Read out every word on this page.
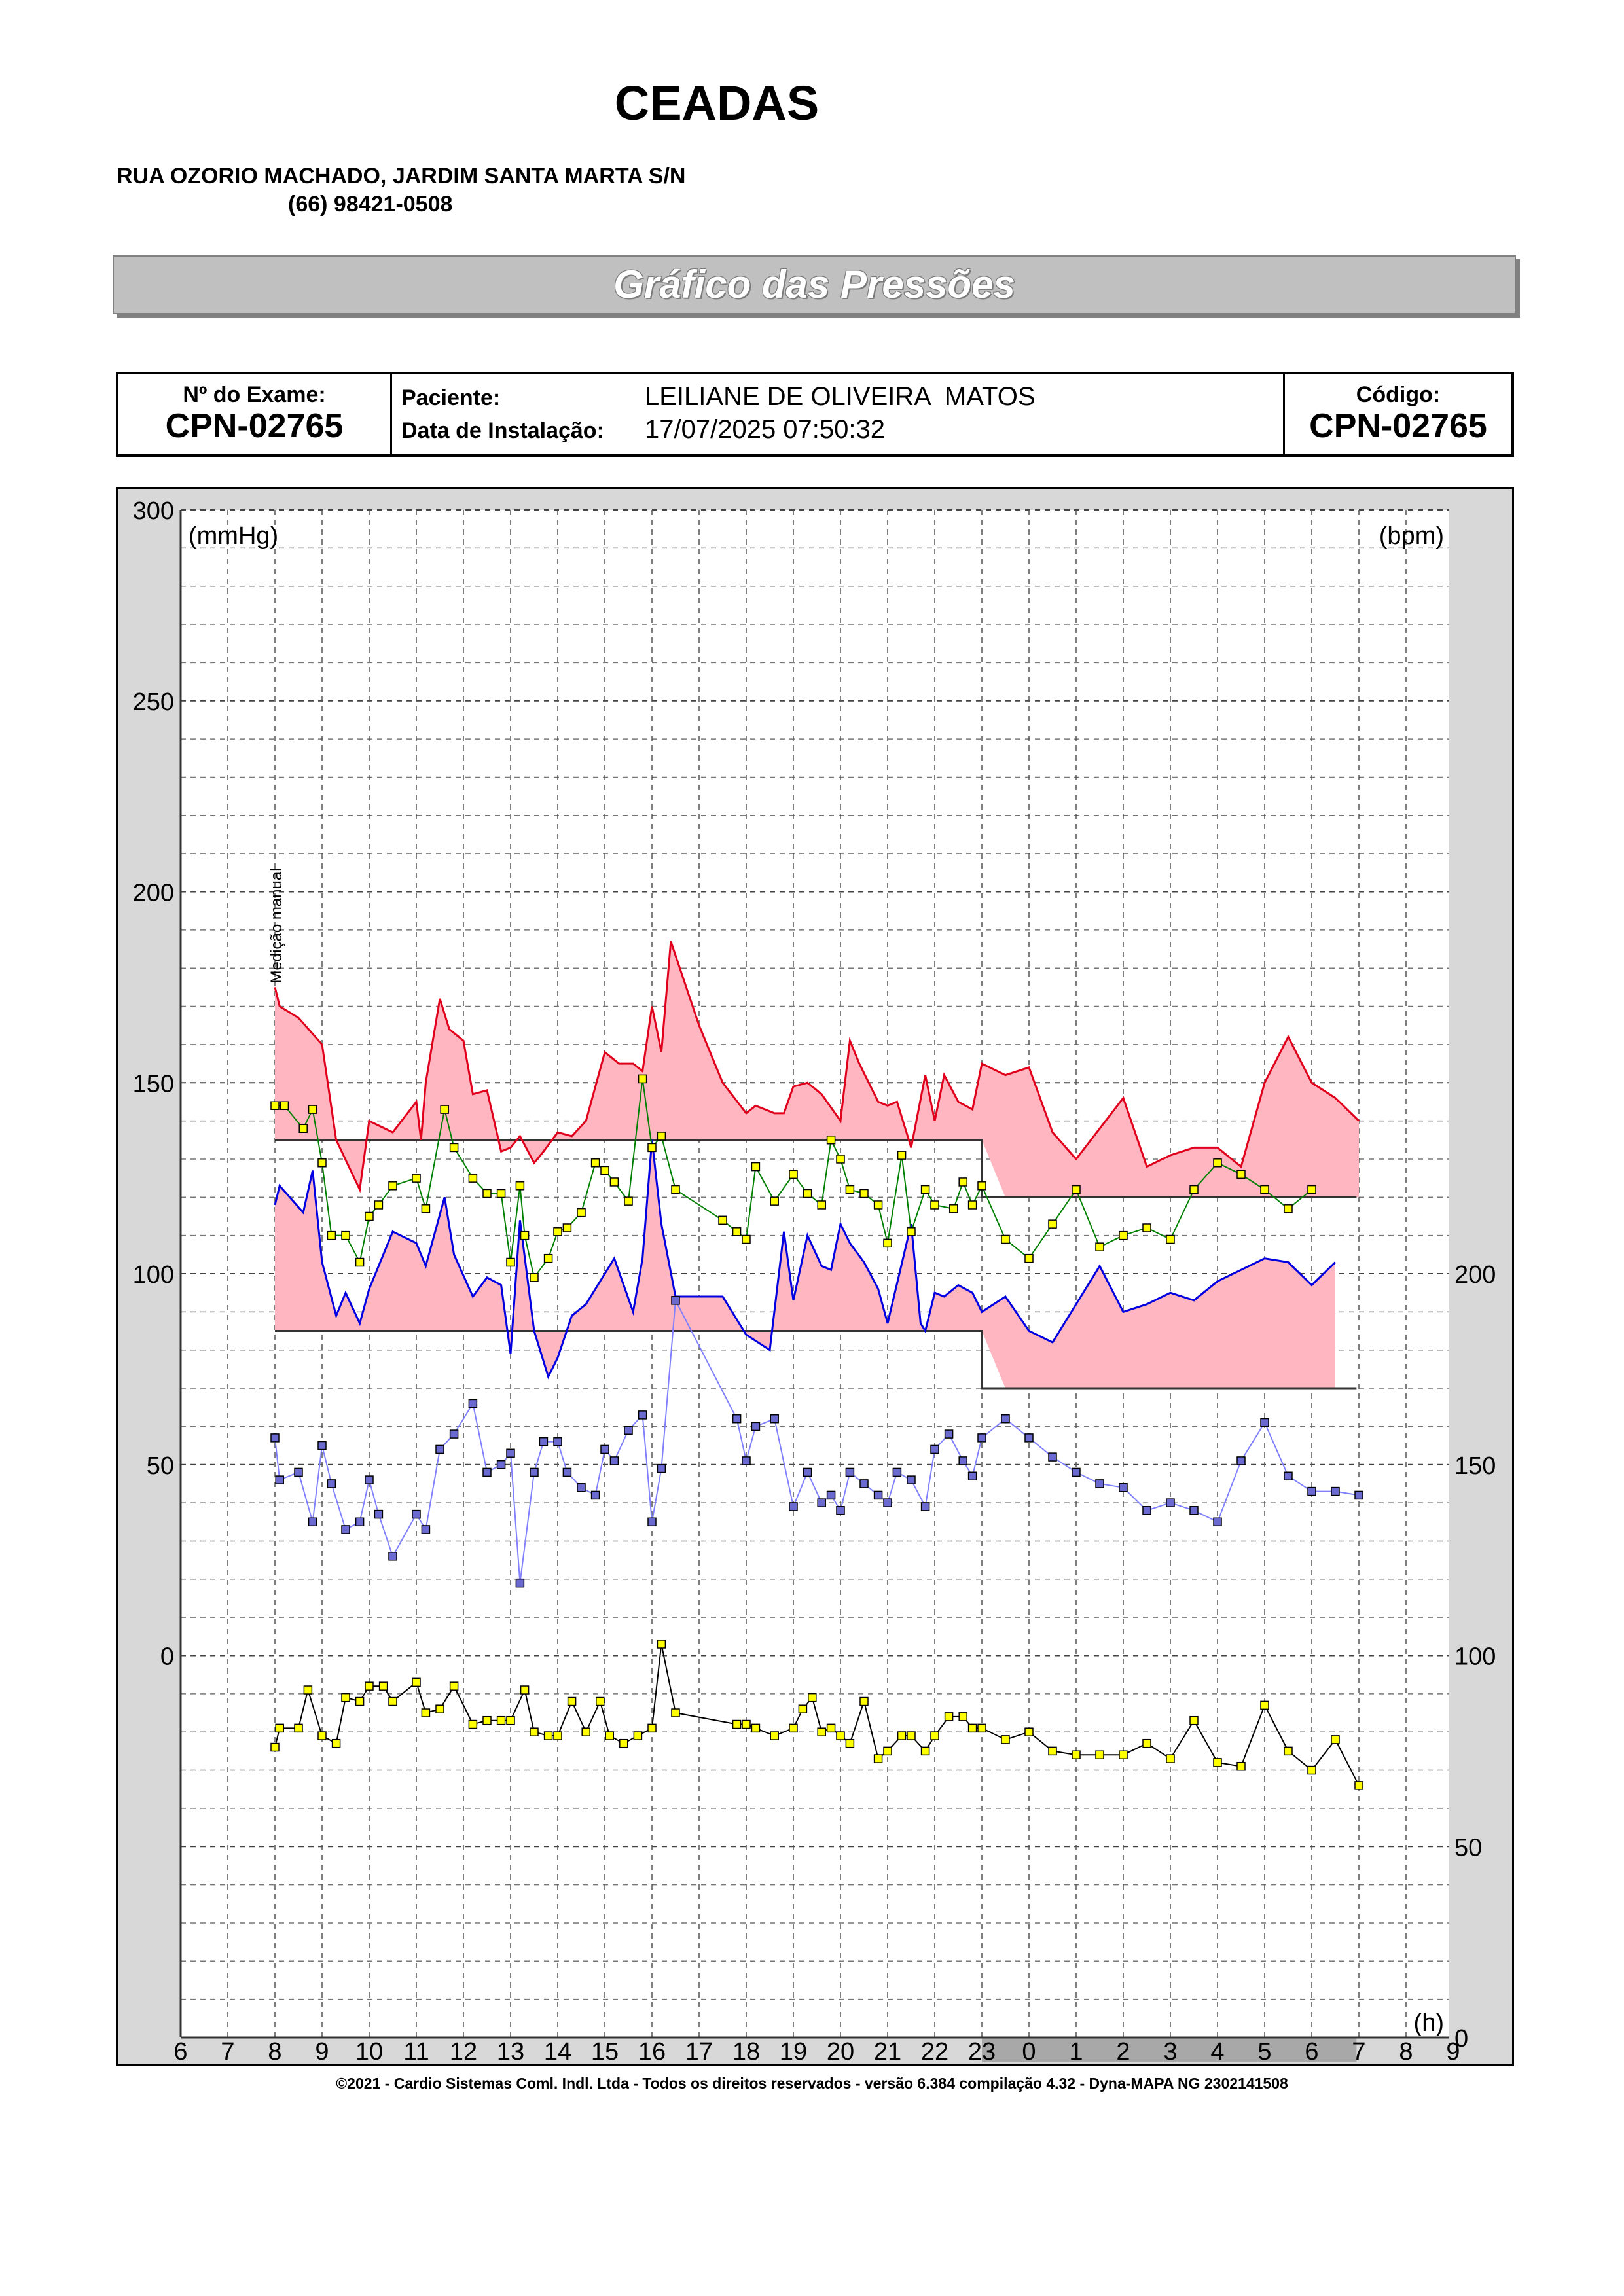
CEADAS
RUA OZORIO MACHADO, JARDIM SANTA MARTA S/N
(66) 98421-0508
Gráfico das Pressões
Nº do Exame:
CPN-02765
Paciente:	LEILIANE DE OLIVEIRA  MATOS
Data de Instalação: 17/07/2025 07:50:32
Código:
CPN-02765
0
50
100
150
200
250
300
0
50
100
150
200
6 7 8 9 10 11 12 13 14 15 16 17 18 19 20 21 22 23 0 1 2 3 4 5 6 7 8 9
(mmHg)	(bpm)
(h)
Medição manual
©2021 - Cardio Sistemas Coml. Indl. Ltda - Todos os direitos reservados - versão 6.384 compilação 4.32 - Dyna-MAPA NG 2302141508
